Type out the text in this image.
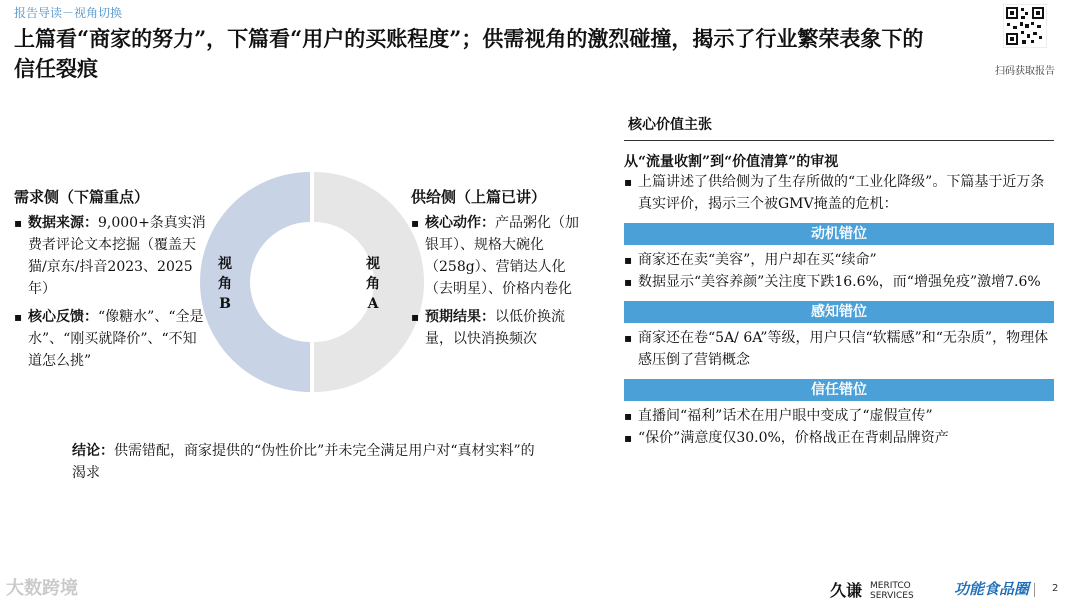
报告导读－视角切换
上篇看“商家的努力”，下篇看“用户的买账程度”；供需视角的激烈碰撞，揭示了行业繁荣表象下的信任裂痕	扫码获取报告
需求侧（下篇重点）
▪ 数据来源：9,000+条真实消费者评论文本挖掘（覆盖天猫/京东/抖音2023、2025年）
▪ 核心反馈：“像糖水”、“全是水”、“刚买就降价”、“不知道怎么挑”
视角B
视角A
供给侧（上篇已讲）
▪ 核心动作：产品粥化（加银耳）、规格大碗化（258g）、营销达人化（去明星）、价格内卷化
▪ 预期结果：以低价换流量，以快消换频次
结论：供需错配，商家提供的“伪性价比”并未完全满足用户对“真材实料”的渴求
核心价值主张
从“流量收割”到“价值清算”的审视
▪ 上篇讲述了供给侧为了生存所做的“工业化降级”。下篇基于近万条真实评价，揭示三个被GMV掩盖的危机：
动机错位
▪ 商家还在卖“美容”，用户却在买“续命”
▪ 数据显示“美容养颜”关注度下跌16.6%，而“增强免疫”激增7.6%
感知错位
▪ 商家还在卷“5A/ 6A”等级，用户只信“软糯感”和“无杂质”，物理体感压倒了营销概念
信任错位
▪ 直播间“福利”话术在用户眼中变成了“虚假宣传”
▪ “保价”满意度仅30.0%，价格战正在背刺品牌资产
大数跨境	久谦 MERITCO
SERVICES	功能食品圈 2
